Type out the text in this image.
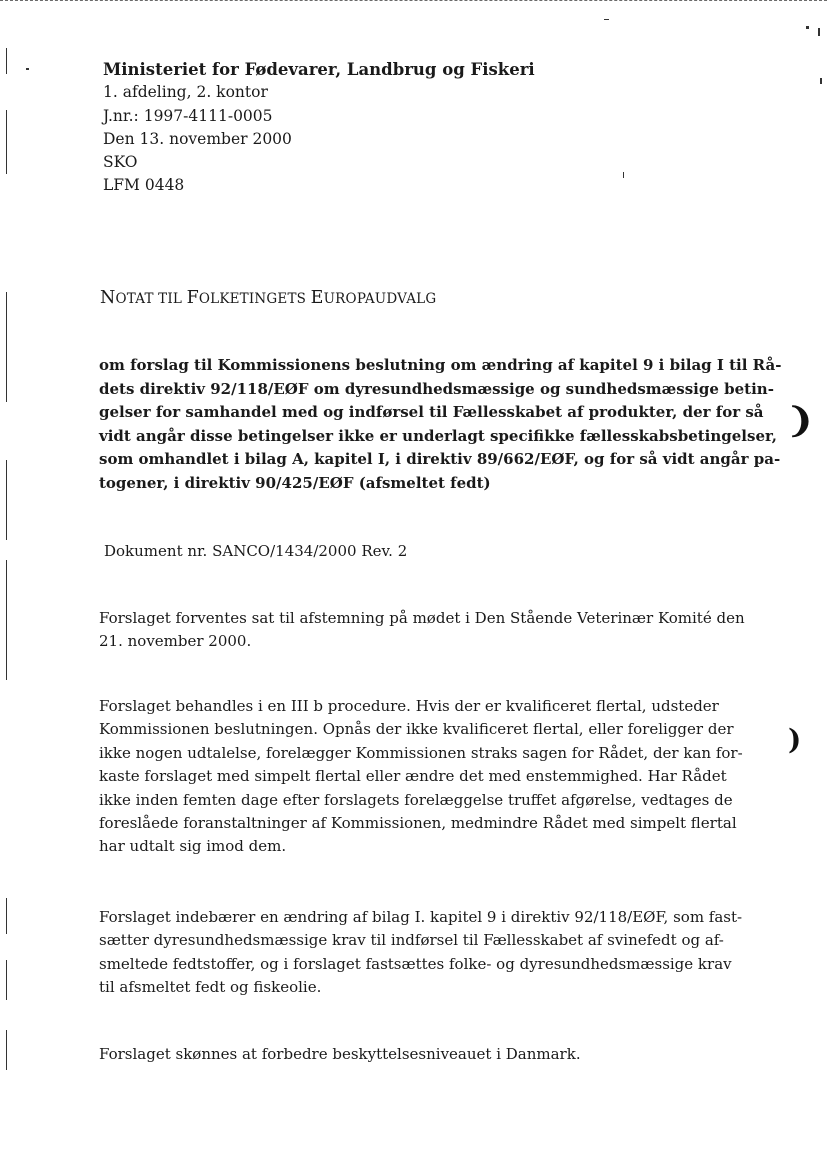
❩
)
Ministeriet for Fødevarer, Landbrug og Fiskeri
1. afdeling, 2. kontor
J.nr.: 1997-4111-0005
Den 13. november 2000
SKO
LFM 0448
NOTAT TIL FOLKETINGETS EUROPAUDVALG
om forslag til Kommissionens beslutning om ændring af kapitel 9 i bilag I til Rå-
dets direktiv 92/118/EØF om dyresundhedsmæssige og sundhedsmæssige betin-
gelser for samhandel med og indførsel til Fællesskabet af produkter, der for så
vidt angår disse betingelser ikke er underlagt specifikke fællesskabsbetingelser,
som omhandlet i bilag A, kapitel I, i direktiv 89/662/EØF, og for så vidt angår pa-
togener, i direktiv 90/425/EØF (afsmeltet fedt)
Dokument nr. SANCO/1434/2000 Rev. 2
Forslaget forventes sat til afstemning på mødet i Den Stående Veterinær Komité den
21. november 2000.
Forslaget behandles i en III b procedure. Hvis der er kvalificeret flertal, udsteder
Kommissionen beslutningen. Opnås der ikke kvalificeret flertal, eller foreligger der
ikke nogen udtalelse, forelægger Kommissionen straks sagen for Rådet, der kan for-
kaste forslaget med simpelt flertal eller ændre det med enstemmighed. Har Rådet
ikke inden femten dage efter forslagets forelæggelse truffet afgørelse, vedtages de
foreslåede foranstaltninger af Kommissionen, medmindre Rådet med simpelt flertal
har udtalt sig imod dem.
Forslaget indebærer en ændring af bilag I. kapitel 9 i direktiv 92/118/EØF, som fast-
sætter dyresundhedsmæssige krav til indførsel til Fællesskabet af svinefedt og af-
smeltede fedtstoffer, og i forslaget fastsættes folke- og dyresundhedsmæssige krav
til afsmeltet fedt og fiskeolie.
Forslaget skønnes at forbedre beskyttelsesniveauet i Danmark.
